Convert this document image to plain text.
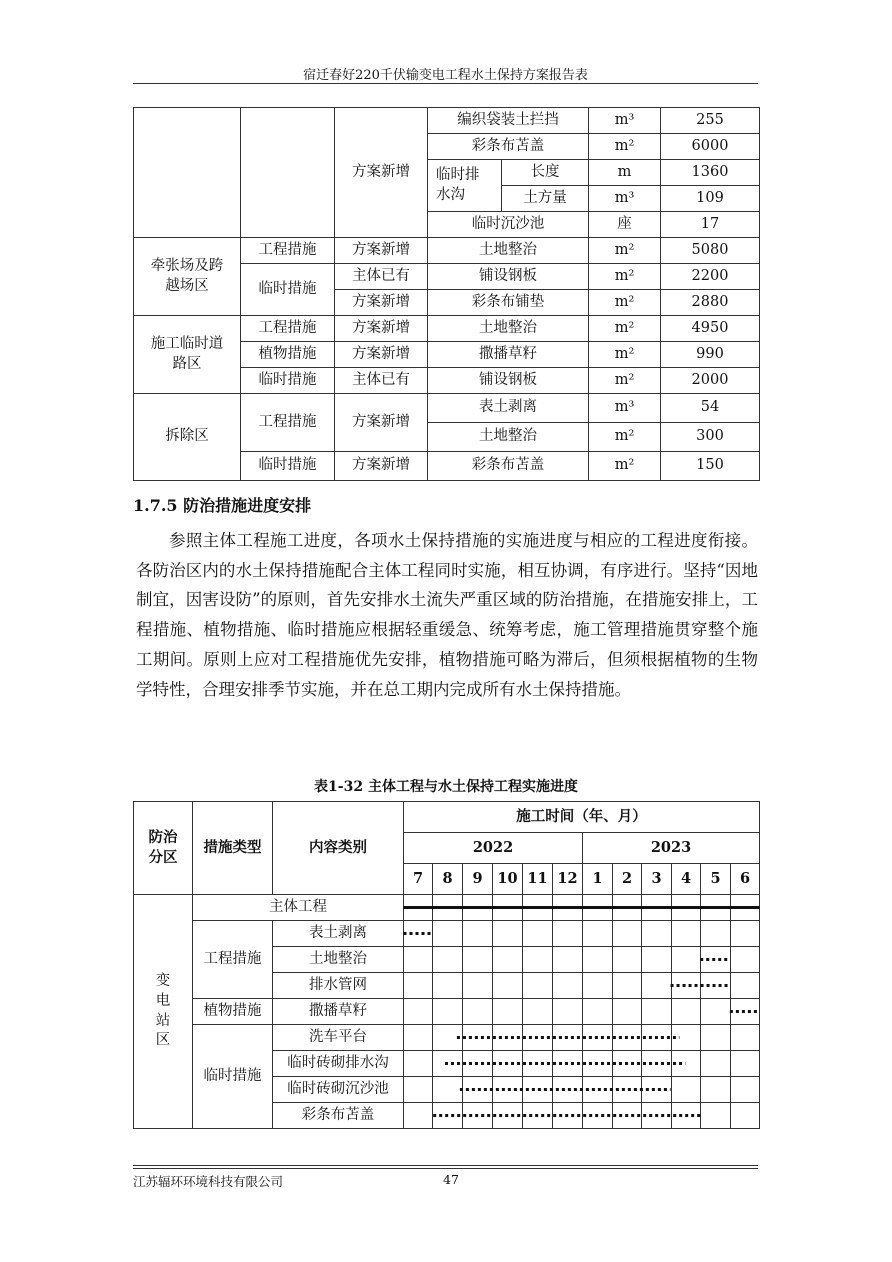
宿迁春好220千伏输变电工程水土保持方案报告表
		方案新增	编织袋装土拦挡		m³	255
			彩条布苫盖		m²	6000
			临时排水沟	长度	m	1360
				土方量	m³	109
			临时沉沙池		座	17
牵张场及跨越场区	工程措施	方案新增	土地整治		m²	5080
	临时措施	主体已有	铺设钢板		m²	2200
		方案新增	彩条布铺垫		m²	2880
施工临时道路区	工程措施	方案新增	土地整治		m²	4950
	植物措施	方案新增	撒播草籽		m²	990
	临时措施	主体已有	铺设钢板		m²	2000
拆除区	工程措施	方案新增	表土剥离		m³	54
			土地整治		m²	300
	临时措施	方案新增	彩条布苫盖		m²	150
1.7.5 防治措施进度安排
参照主体工程施工进度，各项水土保持措施的实施进度与相应的工程进度衔接。各防治区内的水土保持措施配合主体工程同时实施，相互协调，有序进行。坚持“因地制宜，因害设防”的原则，首先安排水土流失严重区域的防治措施，在措施安排上，工程措施、植物措施、临时措施应根据轻重缓急、统筹考虑，施工管理措施贯穿整个施工期间。原则上应对工程措施优先安排，植物措施可略为滞后，但须根据植物的生物学特性，合理安排季节实施，并在总工期内完成所有水土保持措施。
表1-32 主体工程与水土保持工程实施进度
防治分区	措施类型	内容类别	施工时间（年、月）											
			2022						2023					
			7	8	9	10	11	12	1	2	3	4	5	6
变电站区	主体工程													
	工程措施	表土剥离												
		土地整治												
		排水管网												
	植物措施	撒播草籽												
	临时措施	洗车平台												
		临时砖砌排水沟												
		临时砖砌沉沙池												
		彩条布苫盖												
江苏辐环环境科技有限公司	47
